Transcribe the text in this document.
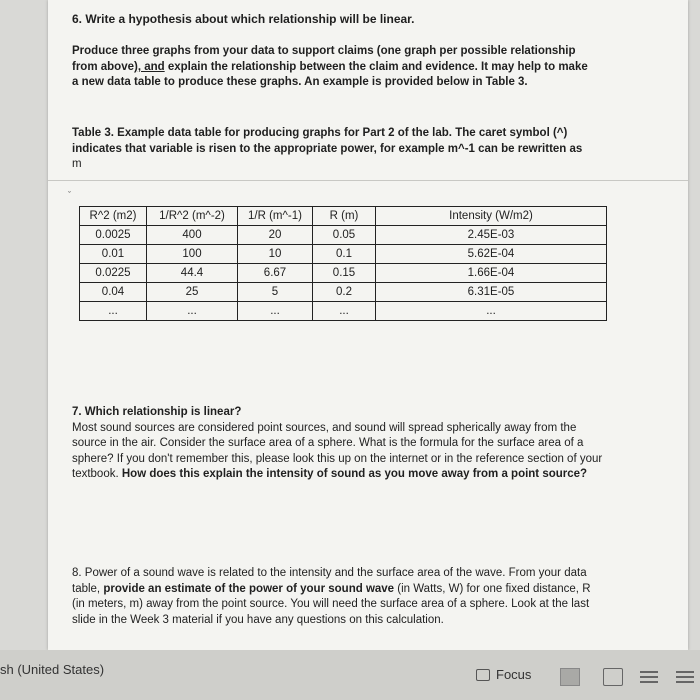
6. Write a hypothesis about which relationship will be linear.
Produce three graphs from your data to support claims (one graph per possible relationship from above), and explain the relationship between the claim and evidence. It may help to make a new data table to produce these graphs. An example is provided below in Table 3.
Table 3. Example data table for producing graphs for Part 2 of the lab. The caret symbol (^) indicates that variable is risen to the appropriate power, for example m^-1 can be rewritten as
m
ˇ
R^2 (m2)	1/R^2 (m^-2)	1/R (m^-1)	R (m)	Intensity (W/m2)
0.0025	400	20	0.05	2.45E-03
0.01	100	10	0.1	5.62E-04
0.0225	44.4	6.67	0.15	1.66E-04
0.04	25	5	0.2	6.31E-05
...	...	...	...	...
7. Which relationship is linear?
Most sound sources are considered point sources, and sound will spread spherically away from the source in the air. Consider the surface area of a sphere. What is the formula for the surface area of a sphere? If you don't remember this, please look this up on the internet or in the reference section of your textbook. How does this explain the intensity of sound as you move away from a point source?
8. Power of a sound wave is related to the intensity and the surface area of the wave. From your data table, provide an estimate of the power of your sound wave (in Watts, W) for one fixed distance, R (in meters, m) away from the point source. You will need the surface area of a sphere. Look at the last slide in the Week 3 material if you have any questions on this calculation.
sh (United States)	Focus
